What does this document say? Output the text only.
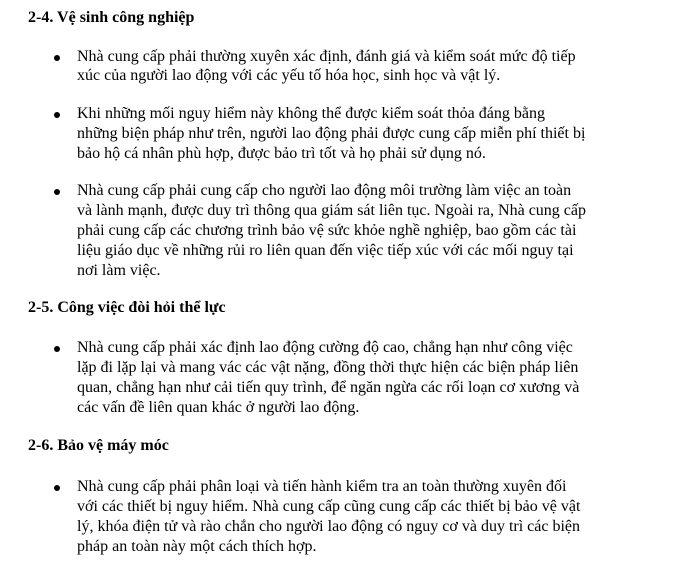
2-4. Vệ sinh công nghiệp
Nhà cung cấp phải thường xuyên xác định, đánh giá và kiểm soát mức độ tiếp
xúc của người lao động với các yếu tố hóa học, sinh học và vật lý.
Khi những mối nguy hiểm này không thể được kiểm soát thỏa đáng bằng
những biện pháp như trên, người lao động phải được cung cấp miễn phí thiết bị
bảo hộ cá nhân phù hợp, được bảo trì tốt và họ phải sử dụng nó.
Nhà cung cấp phải cung cấp cho người lao động môi trường làm việc an toàn
và lành mạnh, được duy trì thông qua giám sát liên tục. Ngoài ra, Nhà cung cấp
phải cung cấp các chương trình bảo vệ sức khỏe nghề nghiệp, bao gồm các tài
liệu giáo dục về những rủi ro liên quan đến việc tiếp xúc với các mối nguy tại
nơi làm việc.
2-5. Công việc đòi hỏi thể lực
Nhà cung cấp phải xác định lao động cường độ cao, chẳng hạn như công việc
lặp đi lặp lại và mang vác các vật nặng, đồng thời thực hiện các biện pháp liên
quan, chẳng hạn như cải tiến quy trình, để ngăn ngừa các rối loạn cơ xương và
các vấn đề liên quan khác ở người lao động.
2-6. Bảo vệ máy móc
Nhà cung cấp phải phân loại và tiến hành kiểm tra an toàn thường xuyên đối
với các thiết bị nguy hiểm. Nhà cung cấp cũng cung cấp các thiết bị bảo vệ vật
lý, khóa điện tử và rào chắn cho người lao động có nguy cơ và duy trì các biện
pháp an toàn này một cách thích hợp.
